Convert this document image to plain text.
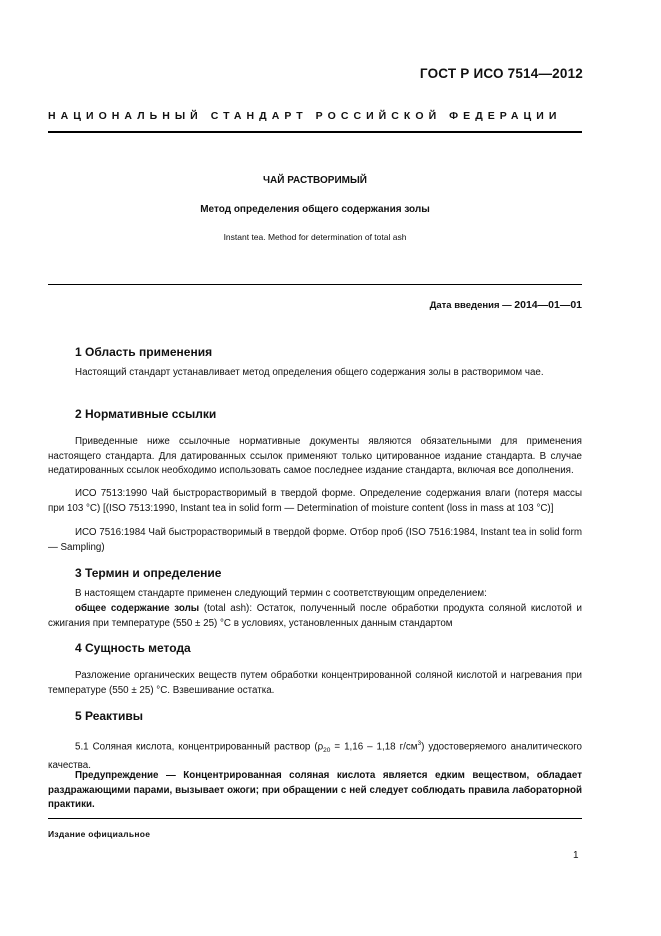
ГОСТ Р ИСО 7514—2012
НАЦИОНАЛЬНЫЙ СТАНДАРТ РОССИЙСКОЙ ФЕДЕРАЦИИ
ЧАЙ РАСТВОРИМЫЙ
Метод определения общего содержания золы
Instant tea. Method for determination of total ash
Дата введения — 2014—01—01
1 Область применения
Настоящий стандарт устанавливает метод определения общего содержания золы в растворимом чае.
2 Нормативные ссылки
Приведенные ниже ссылочные нормативные документы являются обязательными для применения настоящего стандарта. Для датированных ссылок применяют только цитированное издание стандарта. В случае недатированных ссылок необходимо использовать самое последнее издание стандарта, включая все дополнения.
ИСО 7513:1990 Чай быстрорастворимый в твердой форме. Определение содержания влаги (потеря массы при 103 °С) [(ISO 7513:1990, Instant tea in solid form — Determination of moisture content (loss in mass at 103 °C)]
ИСО 7516:1984 Чай быстрорастворимый в твердой форме. Отбор проб (ISO 7516:1984, Instant tea in solid form — Sampling)
3 Термин и определение
В настоящем стандарте применен следующий термин с соответствующим определением:
общее содержание золы (total ash): Остаток, полученный после обработки продукта соляной кислотой и сжигания при температуре (550 ± 25) °С в условиях, установленных данным стандартом
4 Сущность метода
Разложение органических веществ путем обработки концентрированной соляной кислотой и нагревания при температуре (550 ± 25) °С. Взвешивание остатка.
5 Реактивы
5.1 Соляная кислота, концентрированный раствор ($\rho_{20} = 1,16 - 1,18$ $г/см^3$) удостоверяемого аналитического качества.
Предупреждение — Концентрированная соляная кислота является едким веществом, обладает раздражающими парами, вызывает ожоги; при обращении с ней следует соблюдать правила лабораторной практики.
Издание официальное
1
